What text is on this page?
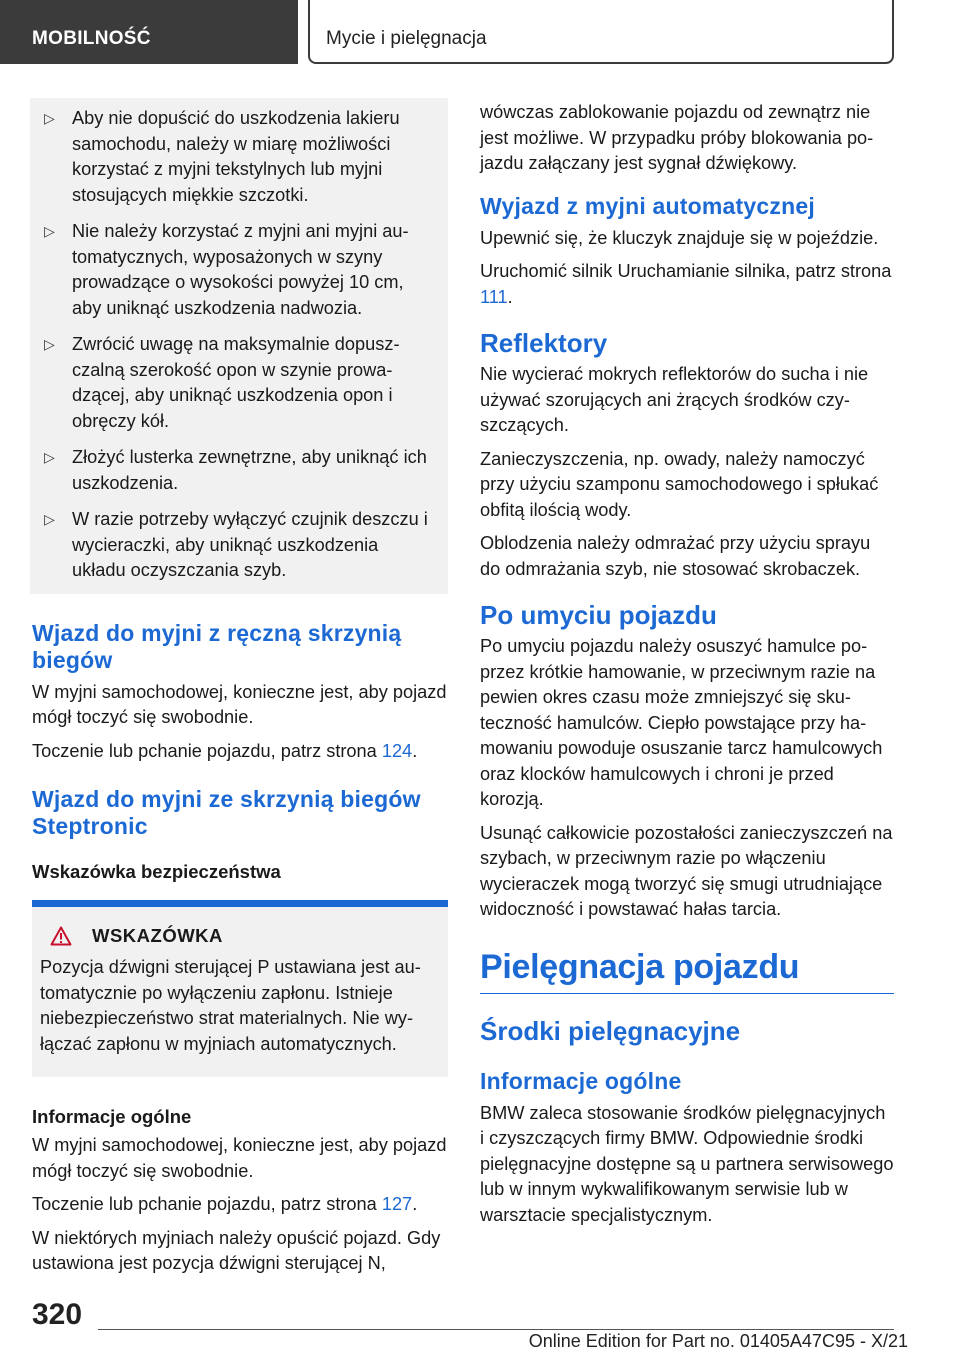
MOBILNOŚĆ	Mycie i pielęgnacja
▷ Aby nie dopuścić do uszkodzenia lakieru samochodu, należy w miarę możliwości korzystać z myjni tekstylnych lub myjni stosujących miękkie szczotki.
▷ Nie należy korzystać z myjni ani myjni automatycznych, wyposażonych w szyny prowadzące o wysokości powyżej 10 cm, aby uniknąć uszkodzenia nadwozia.
▷ Zwrócić uwagę na maksymalnie dopuszczalną szerokość opon w szynie prowadzącej, aby uniknąć uszkodzenia opon i obręczy kół.
▷ Złożyć lusterka zewnętrzne, aby uniknąć ich uszkodzenia.
▷ W razie potrzeby wyłączyć czujnik deszczu i wycieraczki, aby uniknąć uszkodzenia układu oczyszczania szyb.
Wjazd do myjni z ręczną skrzynią biegów

W myjni samochodowej, konieczne jest, aby pojazd mógł toczyć się swobodnie.

Toczenie lub pchanie pojazdu, patrz strona 124.

Wjazd do myjni ze skrzynią biegów Steptronic
Wskazówka bezpieczeństwa
WSKAZÓWKA

Pozycja dźwigni sterującej P ustawiana jest automatycznie po wyłączeniu zapłonu. Istnieje niebezpieczeństwo strat materialnych. Nie wyłączać zapłonu w myjniach automatycznych.

Informacje ogólne

W myjni samochodowej, konieczne jest, aby pojazd mógł toczyć się swobodnie.

Toczenie lub pchanie pojazdu, patrz strona 127.

W niektórych myjniach należy opuścić pojazd. Gdy ustawiona jest pozycja dźwigni sterującej N,

wówczas zablokowanie pojazdu od zewnątrz nie jest możliwe. W przypadku próby blokowania pojazdu załączany jest sygnał dźwiękowy.

Wyjazd z myjni automatycznej

Upewnić się, że kluczyk znajduje się w pojeździe.

Uruchomić silnik Uruchamianie silnika, patrz strona 111.

Reflektory

Nie wycierać mokrych reflektorów do sucha i nie używać szorujących ani żrących środków czyszczących.

Zanieczyszczenia, np. owady, należy namoczyć przy użyciu szamponu samochodowego i spłukać obfitą ilością wody.

Oblodzenia należy odmrażać przy użyciu sprayu do odmrażania szyb, nie stosować skrobaczek.

Po umyciu pojazdu

Po umyciu pojazdu należy osuszyć hamulce poprzez krótkie hamowanie, w przeciwnym razie na pewien okres czasu może zmniejszyć się skuteczność hamulców. Ciepło powstające przy hamowaniu powoduje osuszanie tarcz hamulcowych oraz klocków hamulcowych i chroni je przed korozją.

Usunąć całkowicie pozostałości zanieczyszczeń na szybach, w przeciwnym razie po włączeniu wycieraczek mogą tworzyć się smugi utrudniające widoczność i powstawać hałas tarcia.

Pielęgnacja pojazdu
Środki pielęgnacyjne
Informacje ogólne

BMW zaleca stosowanie środków pielęgnacyjnych i czyszczących firmy BMW. Odpowiednie środki pielęgnacyjne dostępne są u partnera serwisowego lub w innym wykwalifikowanym serwisie lub w warsztacie specjalistycznym.

320
Online Edition for Part no. 01405A47C95 - X/21
